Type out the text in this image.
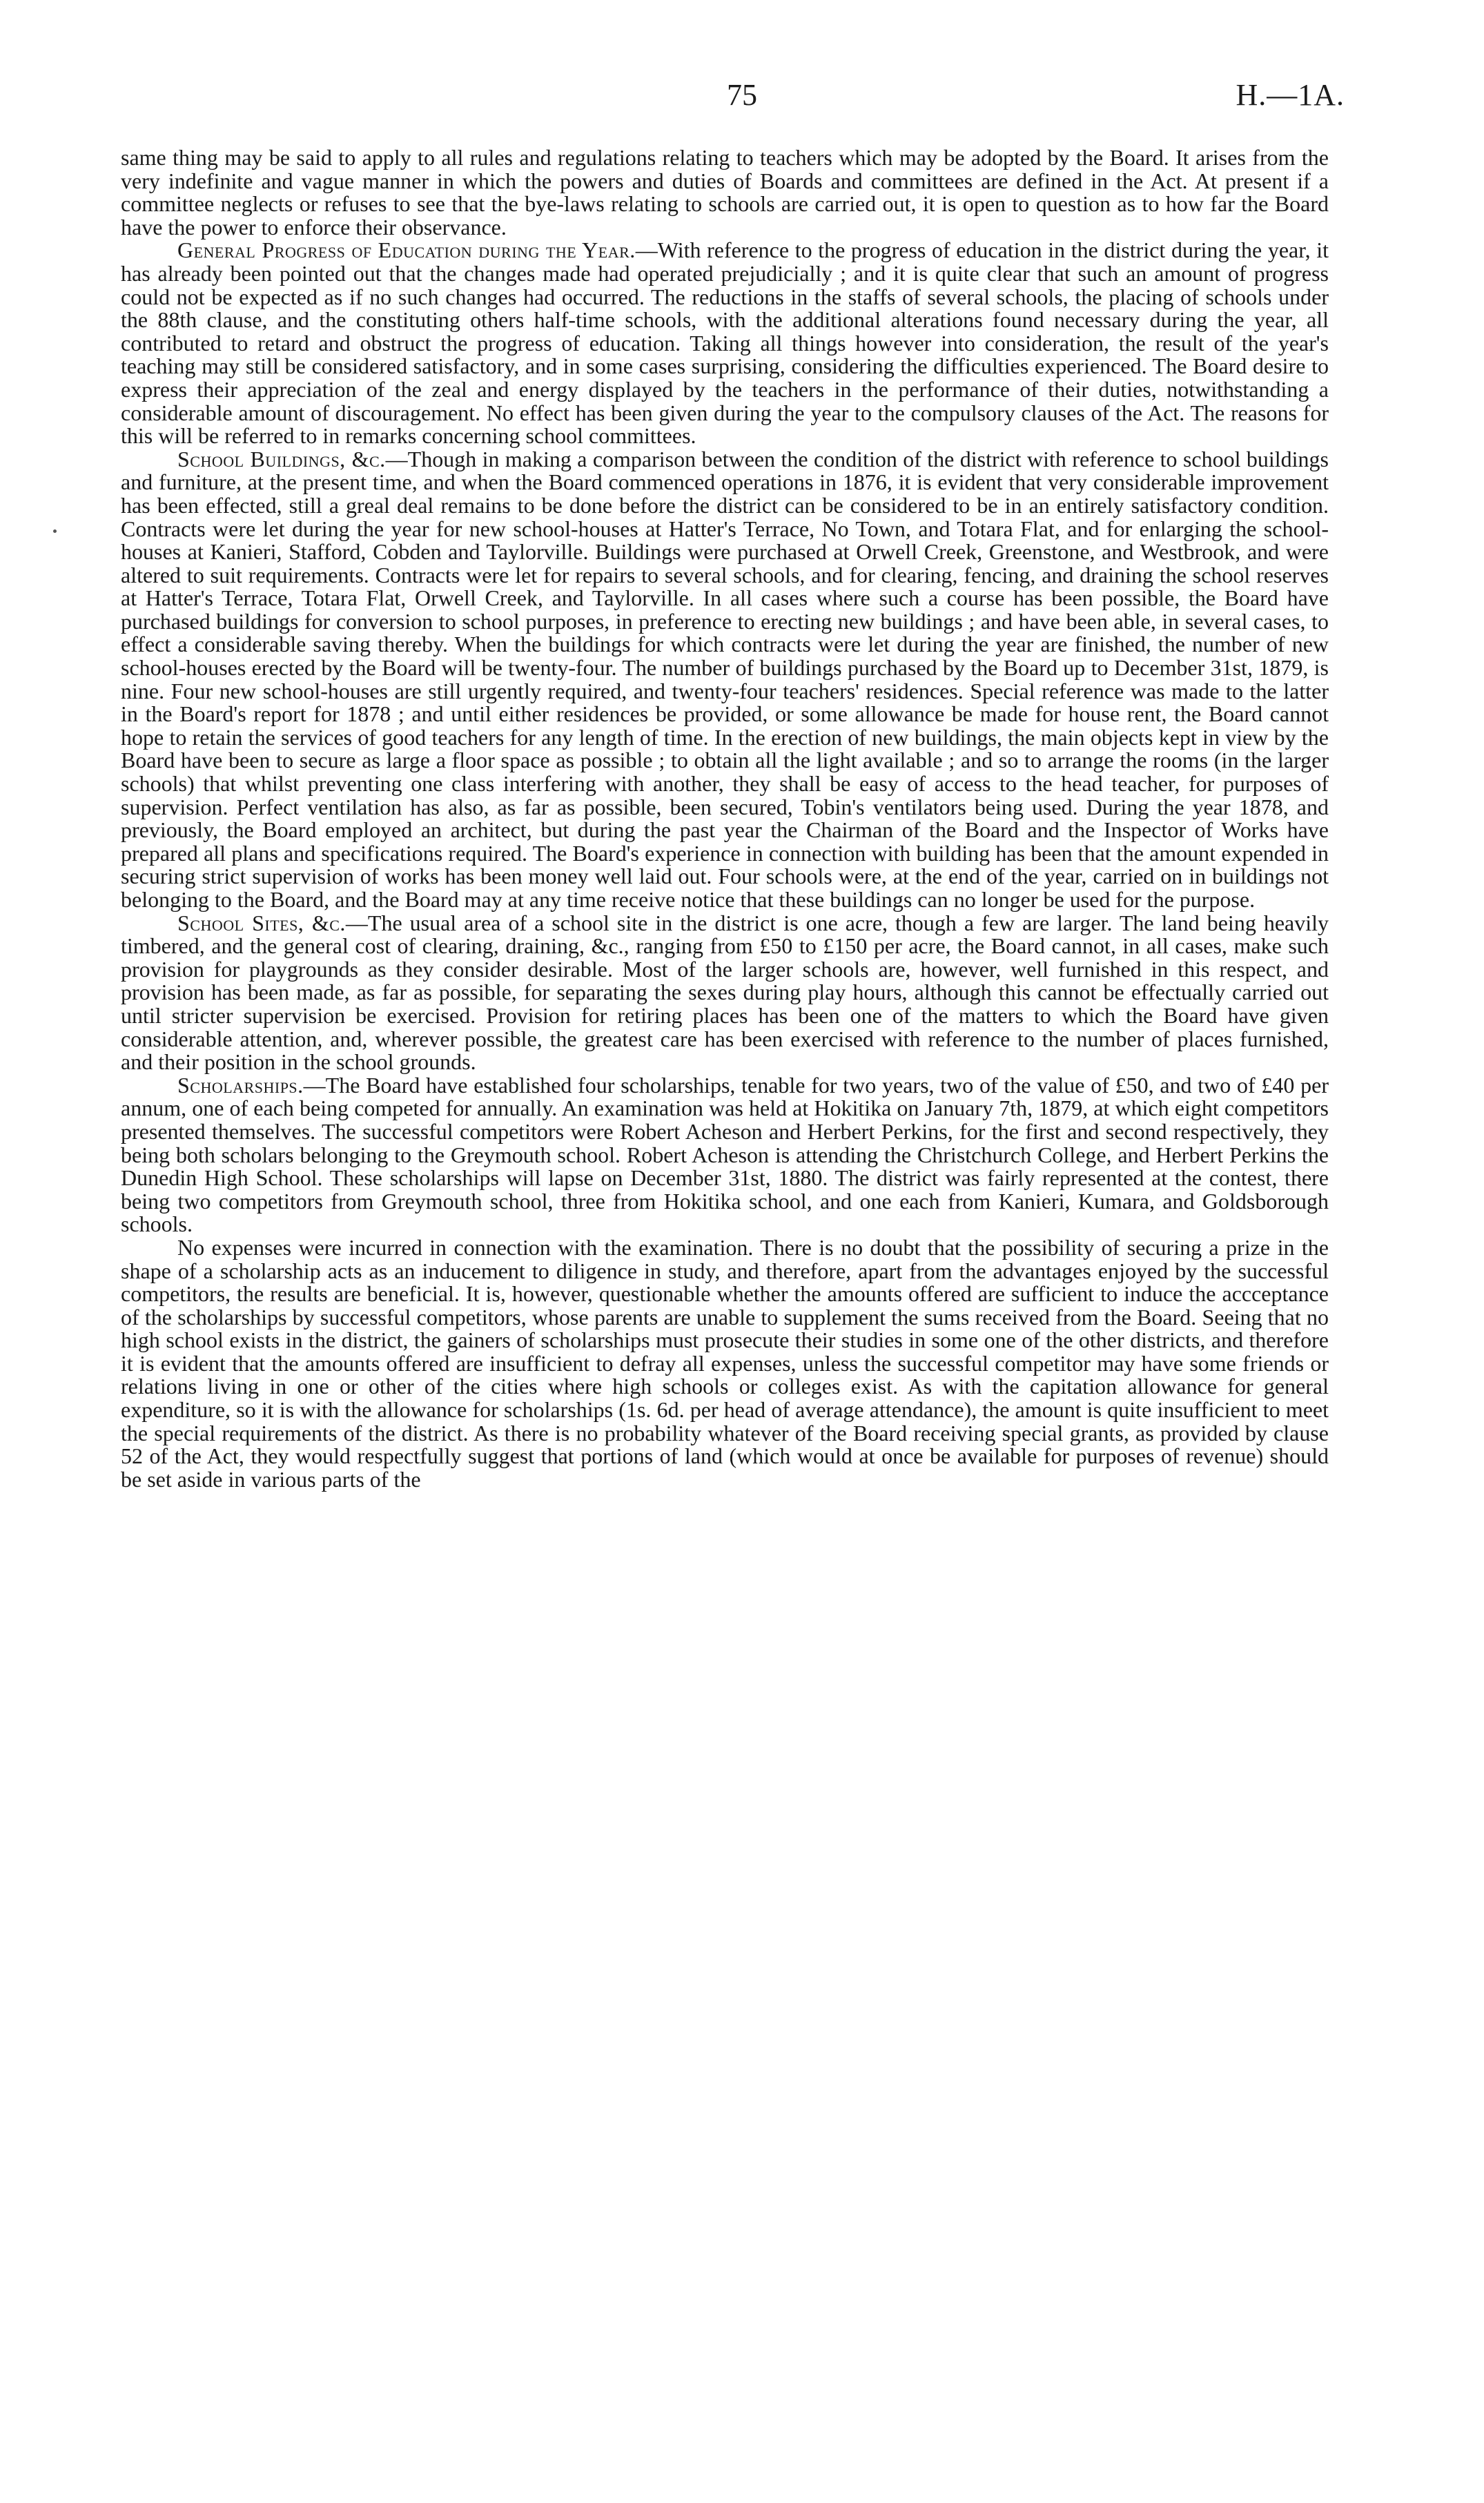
75	H.—1A.

same thing may be said to apply to all rules and regulations relating to teachers which may be adopted by the Board. It arises from the very indefinite and vague manner in which the powers and duties of Boards and committees are defined in the Act. At present if a committee neglects or refuses to see that the bye-laws relating to schools are carried out, it is open to question as to how far the Board have the power to enforce their observance.

General Progress of Education during the Year.—With reference to the progress of education in the district during the year, it has already been pointed out that the changes made had operated prejudicially ; and it is quite clear that such an amount of progress could not be expected as if no such changes had occurred. The reductions in the staffs of several schools, the placing of schools under the 88th clause, and the constituting others half-time schools, with the additional alterations found necessary during the year, all contributed to retard and obstruct the progress of education. Taking all things however into consideration, the result of the year's teaching may still be considered satisfactory, and in some cases surprising, considering the difficulties experienced. The Board desire to express their appreciation of the zeal and energy displayed by the teachers in the performance of their duties, notwithstanding a considerable amount of discouragement. No effect has been given during the year to the compulsory clauses of the Act. The reasons for this will be referred to in remarks concerning school committees.

School Buildings, &c.—Though in making a comparison between the condition of the district with reference to school buildings and furniture, at the present time, and when the Board commenced operations in 1876, it is evident that very considerable improvement has been effected, still a greal deal remains to be done before the district can be considered to be in an entirely satisfactory condition. Contracts were let during the year for new school-houses at Hatter's Terrace, No Town, and Totara Flat, and for enlarging the school-houses at Kanieri, Stafford, Cobden and Taylorville. Buildings were purchased at Orwell Creek, Greenstone, and Westbrook, and were altered to suit requirements. Contracts were let for repairs to several schools, and for clearing, fencing, and draining the school reserves at Hatter's Terrace, Totara Flat, Orwell Creek, and Taylorville. In all cases where such a course has been possible, the Board have purchased buildings for conversion to school purposes, in preference to erecting new buildings ; and have been able, in several cases, to effect a considerable saving thereby. When the buildings for which contracts were let during the year are finished, the number of new school-houses erected by the Board will be twenty-four. The number of buildings purchased by the Board up to December 31st, 1879, is nine. Four new school-houses are still urgently required, and twenty-four teachers' residences. Special reference was made to the latter in the Board's report for 1878 ; and until either residences be provided, or some allowance be made for house rent, the Board cannot hope to retain the services of good teachers for any length of time. In the erection of new buildings, the main objects kept in view by the Board have been to secure as large a floor space as possible ; to obtain all the light available ; and so to arrange the rooms (in the larger schools) that whilst preventing one class interfering with another, they shall be easy of access to the head teacher, for purposes of supervision. Perfect ventilation has also, as far as possible, been secured, Tobin's ventilators being used. During the year 1878, and previously, the Board employed an architect, but during the past year the Chairman of the Board and the Inspector of Works have prepared all plans and specifications required. The Board's experience in connection with building has been that the amount expended in securing strict supervision of works has been money well laid out. Four schools were, at the end of the year, carried on in buildings not belonging to the Board, and the Board may at any time receive notice that these buildings can no longer be used for the purpose.

School Sites, &c.—The usual area of a school site in the district is one acre, though a few are larger. The land being heavily timbered, and the general cost of clearing, draining, &c., ranging from £50 to £150 per acre, the Board cannot, in all cases, make such provision for playgrounds as they consider desirable. Most of the larger schools are, however, well furnished in this respect, and provision has been made, as far as possible, for separating the sexes during play hours, although this cannot be effectually carried out until stricter supervision be exercised. Provision for retiring places has been one of the matters to which the Board have given considerable attention, and, wherever possible, the greatest care has been exercised with reference to the number of places furnished, and their position in the school grounds.

Scholarships.—The Board have established four scholarships, tenable for two years, two of the value of £50, and two of £40 per annum, one of each being competed for annually. An examination was held at Hokitika on January 7th, 1879, at which eight competitors presented themselves. The successful competitors were Robert Acheson and Herbert Perkins, for the first and second respectively, they being both scholars belonging to the Greymouth school. Robert Acheson is attending the Christchurch College, and Herbert Perkins the Dunedin High School. These scholarships will lapse on December 31st, 1880. The district was fairly represented at the contest, there being two competitors from Greymouth school, three from Hokitika school, and one each from Kanieri, Kumara, and Goldsborough schools.

No expenses were incurred in connection with the examination. There is no doubt that the possibility of securing a prize in the shape of a scholarship acts as an inducement to diligence in study, and therefore, apart from the advantages enjoyed by the successful competitors, the results are beneficial. It is, however, questionable whether the amounts offered are sufficient to induce the accceptance of the scholarships by successful competitors, whose parents are unable to supplement the sums received from the Board. Seeing that no high school exists in the district, the gainers of scholarships must prosecute their studies in some one of the other districts, and therefore it is evident that the amounts offered are insufficient to defray all expenses, unless the successful competitor may have some friends or relations living in one or other of the cities where high schools or colleges exist. As with the capitation allowance for general expenditure, so it is with the allowance for scholarships (1s. 6d. per head of average attendance), the amount is quite insufficient to meet the special requirements of the district. As there is no probability whatever of the Board receiving special grants, as provided by clause 52 of the Act, they would respectfully suggest that portions of land (which would at once be available for purposes of revenue) should be set aside in various parts of the
